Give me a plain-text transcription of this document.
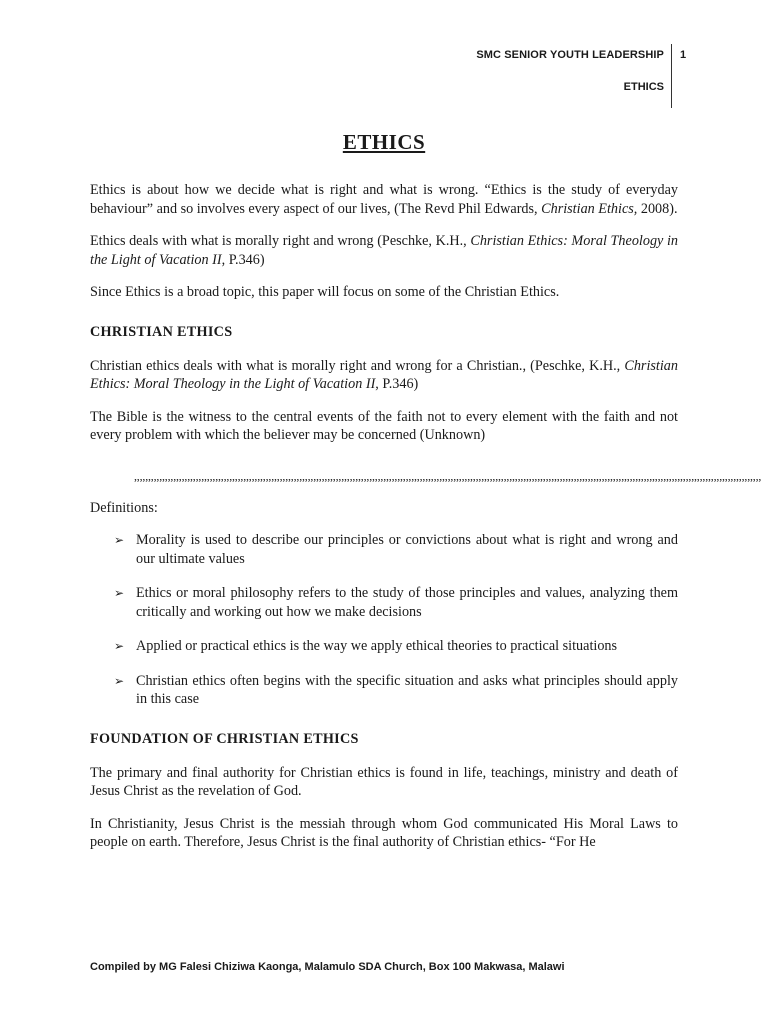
SMC SENIOR YOUTH LEADERSHIP
ETHICS
1
ETHICS

Ethics is about how we decide what is right and what is wrong. “Ethics is the study of everyday behaviour” and so involves every aspect of our lives, (The Revd Phil Edwards, Christian Ethics, 2008).

Ethics deals with what is morally right and wrong (Peschke, K.H., Christian Ethics: Moral Theology in the Light of Vacation II, P.346)

Since Ethics is a broad topic, this paper will focus on some of the Christian Ethics.

CHRISTIAN ETHICS

Christian ethics deals with what is morally right and wrong for a Christian., (Peschke, K.H., Christian Ethics: Moral Theology in the Light of Vacation II, P.346)

The Bible is the witness to the central events of the faith not to every element with the faith and not every problem with which the believer may be concerned (Unknown)

,,,,,,,,,,,,,,,,,,,,,,,,,,,,,,,,,,,,,,,,,,,,,,,,,,,,,,,,,,,,,,,,,,,,,,,,,,,,,,,,,,,,,,,,,,,,,,,,,,,,,,,,,,,,,,,,,,,,,,,,,,,,,,,,,,,,,,,,,,,,,,,,,,,,,,,,,,,,,,,,,,,,,,,,,,,,,,,,,,,,,,,,,,,,,,,,,,,,,,,,,,,,,,,,,,,,,,,,,,,,,,,,

Definitions:

➢ Morality is used to describe our principles or convictions about what is right and wrong and our ultimate values
➢ Ethics or moral philosophy refers to the study of those principles and values, analyzing them critically and working out how we make decisions
➢ Applied or practical ethics is the way we apply ethical theories to practical situations
➢ Christian ethics often begins with the specific situation and asks what principles should apply in this case
FOUNDATION OF CHRISTIAN ETHICS

The primary and final authority for Christian ethics is found in life, teachings, ministry and death of Jesus Christ as the revelation of God.

In Christianity, Jesus Christ is the messiah through whom God communicated His Moral Laws to people on earth. Therefore, Jesus Christ is the final authority of Christian ethics- “For He

Compiled by MG Falesi Chiziwa Kaonga, Malamulo SDA Church, Box 100 Makwasa, Malawi
